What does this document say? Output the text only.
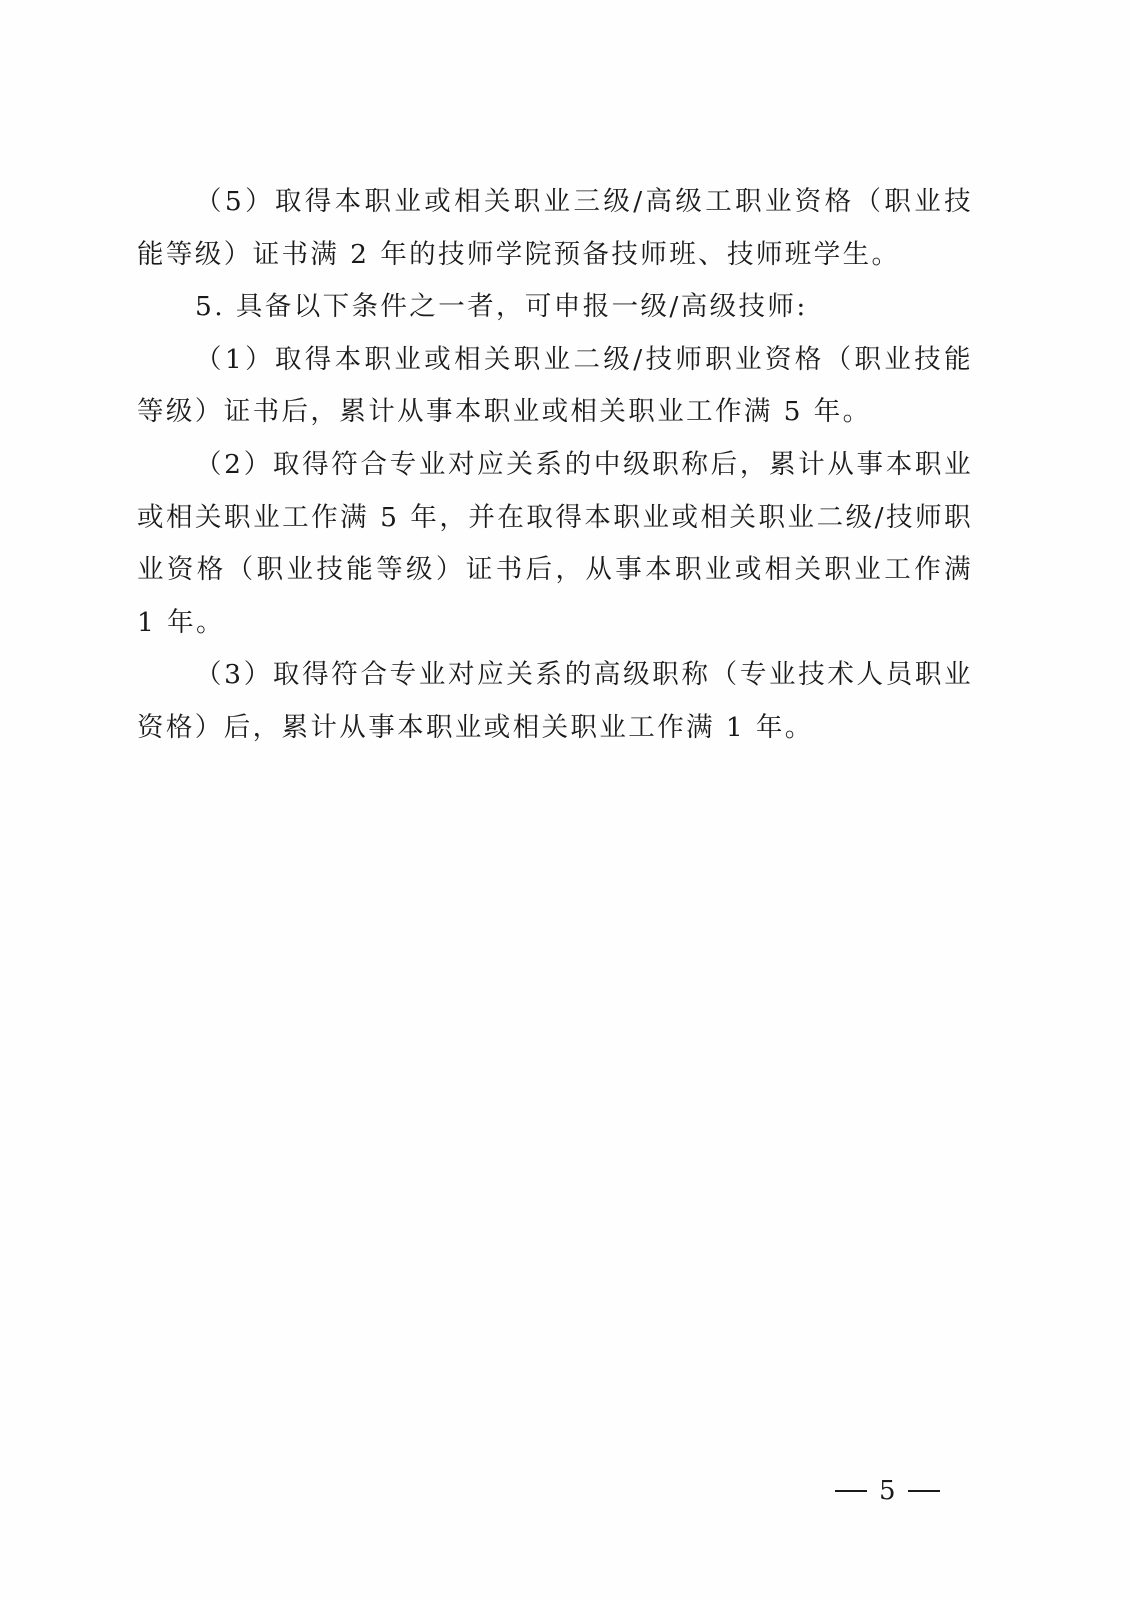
（5）取得本职业或相关职业三级/高级工职业资格（职业技能等级）证书满 2 年的技师学院预备技师班、技师班学生。

5. 具备以下条件之一者，可申报一级/高级技师:

（1）取得本职业或相关职业二级/技师职业资格（职业技能等级）证书后，累计从事本职业或相关职业工作满 5 年。

（2）取得符合专业对应关系的中级职称后，累计从事本职业或相关职业工作满 5 年，并在取得本职业或相关职业二级/技师职业资格（职业技能等级）证书后，从事本职业或相关职业工作满 1 年。

（3）取得符合专业对应关系的高级职称（专业技术人员职业资格）后，累计从事本职业或相关职业工作满 1 年。

5
